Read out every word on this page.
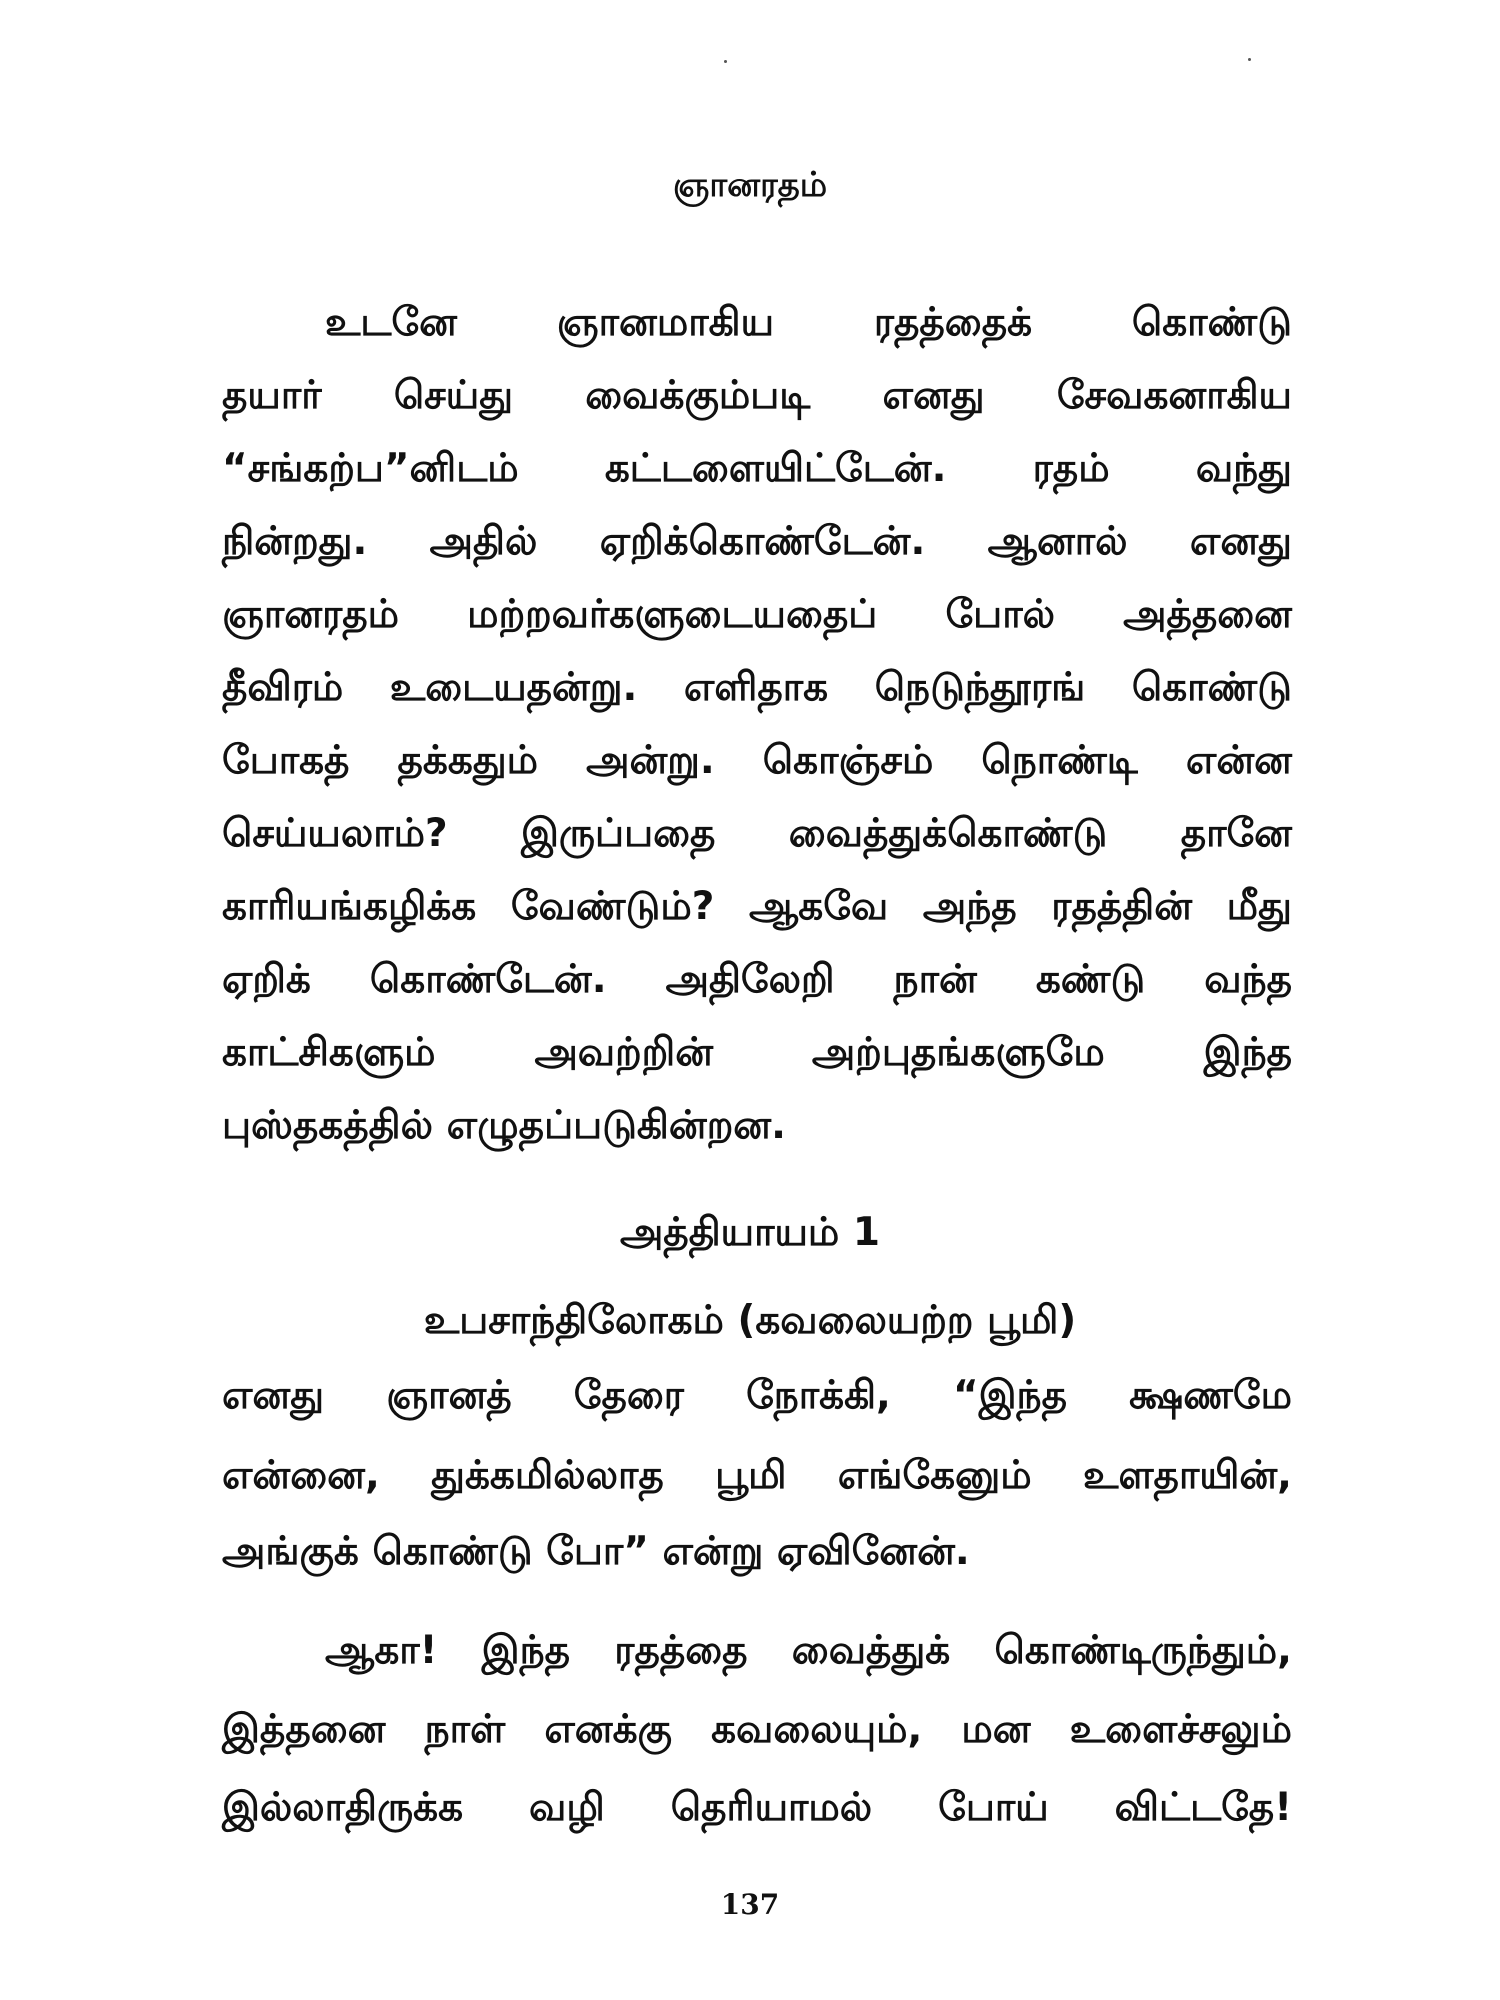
ஞானரதம்
உடனே ஞானமாகிய ரதத்தைக் கொண்டு
தயார் செய்து வைக்கும்படி எனது சேவகனாகிய
“சங்கற்ப”னிடம் கட்டளையிட்டேன். ரதம் வந்து
நின்றது. அதில் ஏறிக்கொண்டேன். ஆனால் எனது
ஞானரதம் மற்றவர்களுடையதைப் போல் அத்தனை
தீவிரம் உடையதன்று. எளிதாக நெடுந்தூரங் கொண்டு
போகத் தக்கதும் அன்று. கொஞ்சம் நொண்டி என்ன
செய்யலாம்? இருப்பதை வைத்துக்கொண்டு தானே
காரியங்கழிக்க வேண்டும்? ஆகவே அந்த ரதத்தின் மீது
ஏறிக் கொண்டேன். அதிலேறி நான் கண்டு வந்த
காட்சிகளும் அவற்றின் அற்புதங்களுமே இந்த
புஸ்தகத்தில் எழுதப்படுகின்றன.
அத்தியாயம் 1
உபசாந்திலோகம் (கவலையற்ற பூமி)
எனது ஞானத் தேரை நோக்கி, “இந்த க்ஷணமே
என்னை, துக்கமில்லாத பூமி எங்கேனும் உளதாயின்,
அங்குக் கொண்டு போ” என்று ஏவினேன்.
ஆகா! இந்த ரதத்தை வைத்துக் கொண்டிருந்தும்,
இத்தனை நாள் எனக்கு கவலையும், மன உளைச்சலும்
இல்லாதிருக்க வழி தெரியாமல் போய் விட்டதே!
137
